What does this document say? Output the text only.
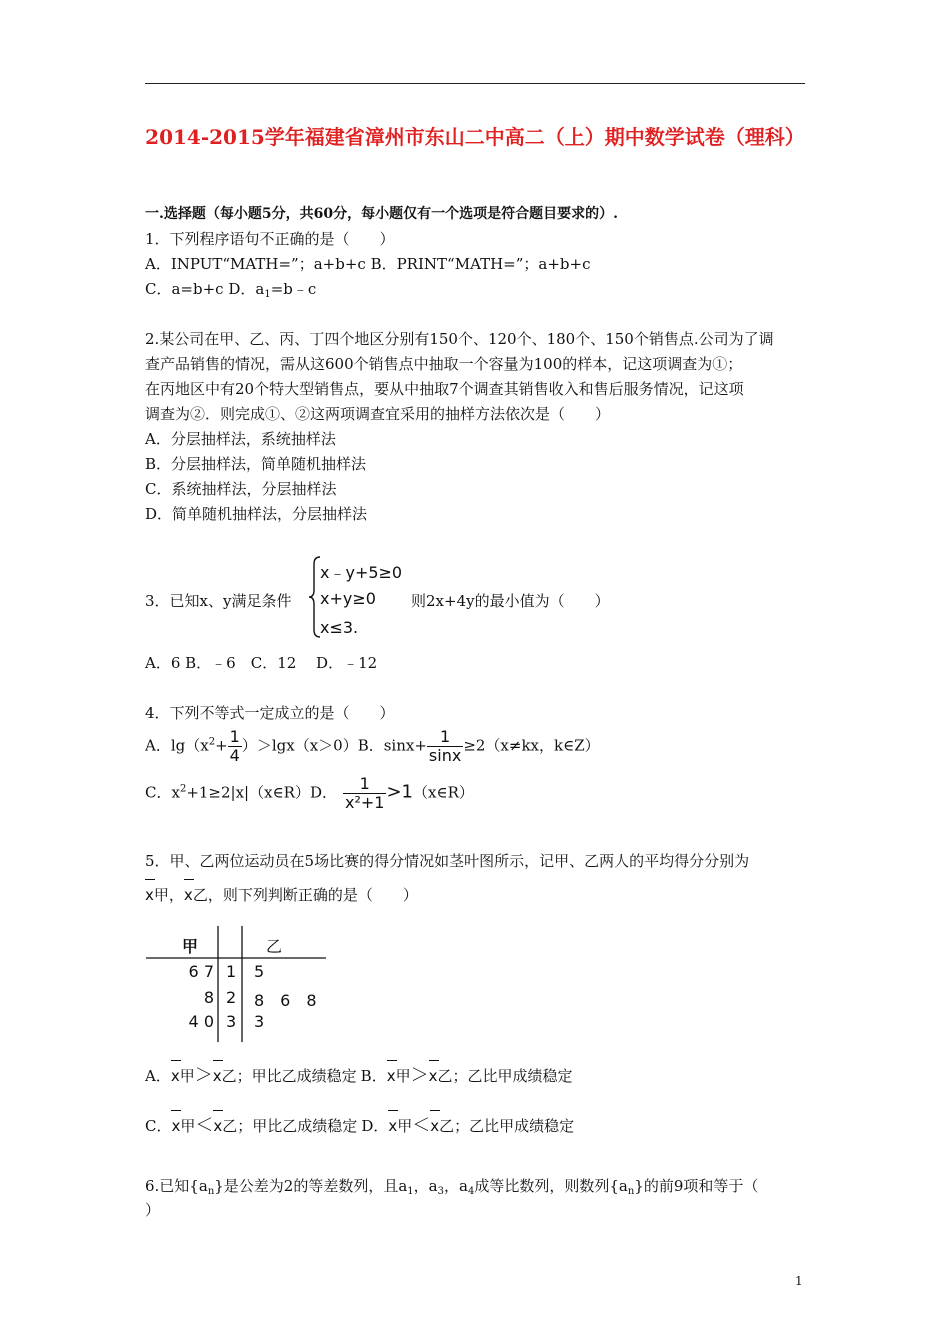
2014-2015学年福建省漳州市东山二中高二（上）期中数学试卷（理科）
一.选择题（每小题5分，共60分，每小题仅有一个选项是符合题目要求的）.
1．下列程序语句不正确的是（　　）
A．INPUT“MATH=”；a+b+c B．PRINT“MATH=”；a+b+c
C．a=b+c D．$a_1=b﹣c$
2.某公司在甲、乙、丙、丁四个地区分别有150个、120个、180个、150个销售点.公司为了调
查产品销售的情况，需从这600个销售点中抽取一个容量为100的样本，记这项调查为①；
在丙地区中有20个特大型销售点，要从中抽取7个调查其销售收入和售后服务情况，记这项
调查为②．则完成①、②这两项调查宜采用的抽样方法依次是（　　）
A．分层抽样法，系统抽样法
B．分层抽样法，简单随机抽样法
C．系统抽样法，分层抽样法
D．简单随机抽样法，分层抽样法
3．已知x、y满足条件
x﹣y+5≥0
x+y≥0
x≤3.
则2x+4y的最小值为（　　）
A．6 B．﹣6　C．12　 D．﹣12
4．下列不等式一定成立的是（　　）
A．$\lg(x^2+ \frac{1}{4} )>\lg x(x>0)B$．$\sin x+ \frac{1}{\sin x} \ge 2(x\ne kx$，k∈Z）
C．$x^2+1\ge 2|x|(x\in R)D$． $\frac{1}{\text{x²+1}}$ >1（x∈R）
5．甲、乙两位运动员在5场比赛的得分情况如茎叶图所示，记甲、乙两人的平均得分分别为
x甲，
x乙，则下列判断正确的是（　　）
甲	乙
6 7 1 5
8 2 8　6　8
4 0 3 3
A．
x甲＞
x乙；甲比乙成绩稳定 B．
x甲＞
x乙；乙比甲成绩稳定
C．
x甲＜
x乙；甲比乙成绩稳定 D．
x甲＜
x乙；乙比甲成绩稳定
6.已知$\{a_n\}$是公差为2的等差数列，且$a_1$，$a_3$，$a_4$成等比数列，则数列$\{a_n\}$的前9项和等于（
）
1
